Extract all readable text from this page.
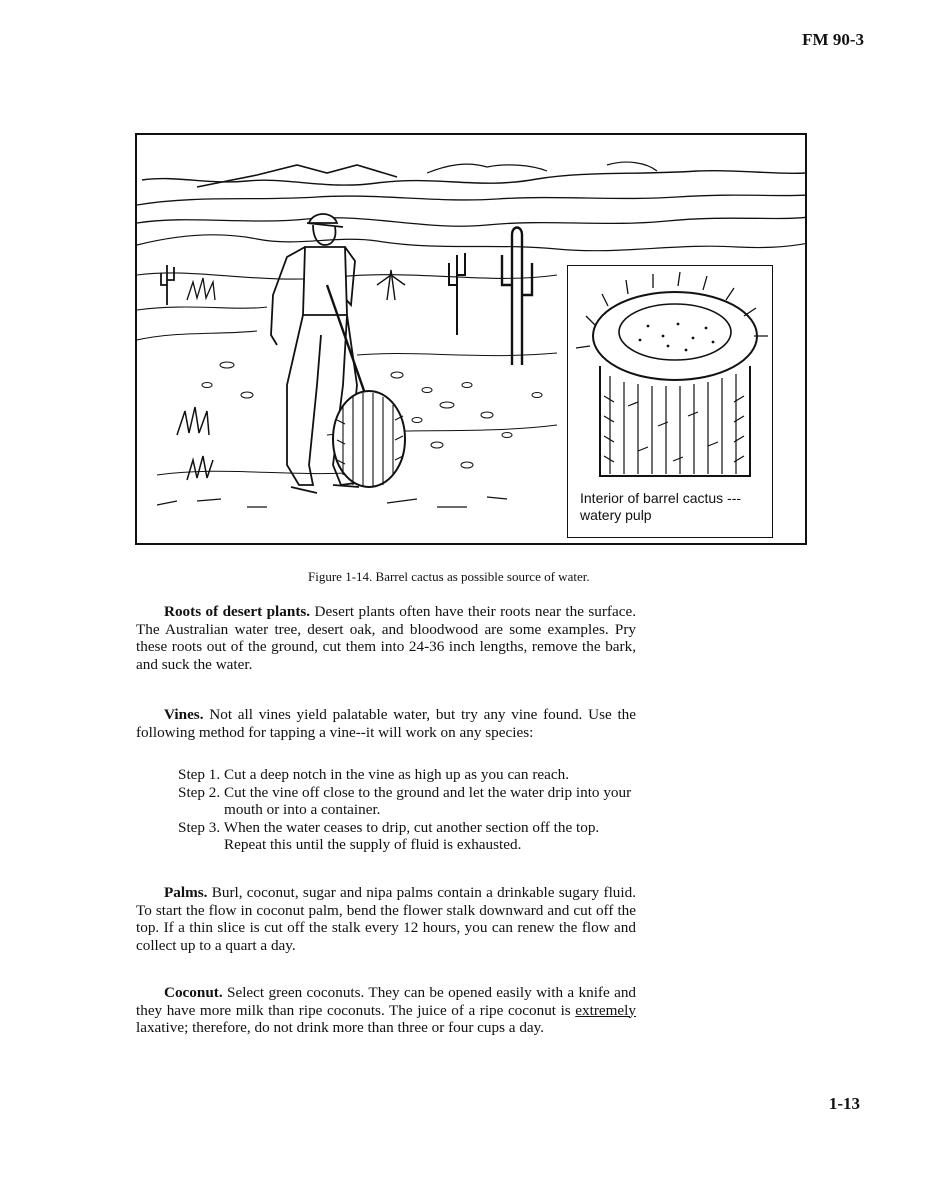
FM 90-3
Interior of barrel cactus --- watery pulp
Figure 1-14. Barrel cactus as possible source of water.
Roots of desert plants. Desert plants often have their roots near the surface. The Australian water tree, desert oak, and bloodwood are some examples. Pry these roots out of the ground, cut them into 24-36 inch lengths, remove the bark, and suck the water.
Vines. Not all vines yield palatable water, but try any vine found. Use the following method for tapping a vine--it will work on any species:
Step 1. Cut a deep notch in the vine as high up as you can reach.
Step 2. Cut the vine off close to the ground and let the water drip into your
mouth or into a container.
Step 3. When the water ceases to drip, cut another section off the top.
Repeat this until the supply of fluid is exhausted.
Palms. Burl, coconut, sugar and nipa palms contain a drinkable sugary fluid. To start the flow in coconut palm, bend the flower stalk downward and cut off the top. If a thin slice is cut off the stalk every 12 hours, you can renew the flow and collect up to a quart a day.
Coconut. Select green coconuts. They can be opened easily with a knife and they have more milk than ripe coconuts. The juice of a ripe coconut is extremely laxative; therefore, do not drink more than three or four cups a day.
1-13
